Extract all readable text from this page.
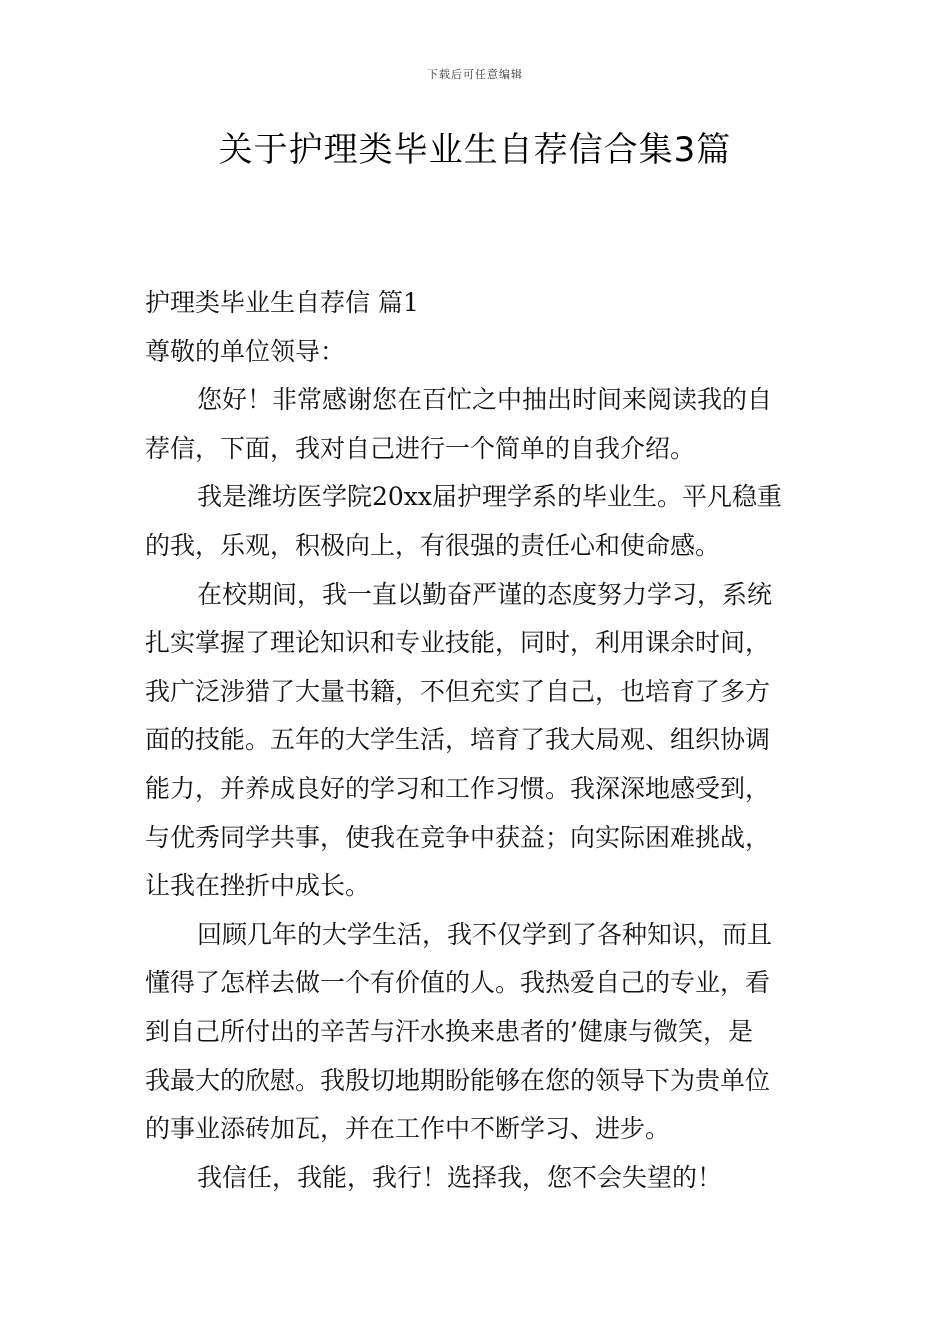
下载后可任意编辑
关于护理类毕业生自荐信合集3篇

护理类毕业生自荐信 篇1

尊敬的单位领导：

您好！非常感谢您在百忙之中抽出时间来阅读我的自

荐信，下面，我对自己进行一个简单的自我介绍。

我是潍坊医学院20xx届护理学系的毕业生。平凡稳重

的我，乐观，积极向上，有很强的责任心和使命感。

在校期间，我一直以勤奋严谨的态度努力学习，系统

扎实掌握了理论知识和专业技能，同时，利用课余时间，

我广泛涉猎了大量书籍，不但充实了自己，也培育了多方

面的技能。五年的大学生活，培育了我大局观、组织协调

能力，并养成良好的学习和工作习惯。我深深地感受到，

与优秀同学共事，使我在竞争中获益；向实际困难挑战，

让我在挫折中成长。

回顾几年的大学生活，我不仅学到了各种知识，而且

懂得了怎样去做一个有价值的人。我热爱自己的专业，看

到自己所付出的辛苦与汗水换来患者的’健康与微笑，是

我最大的欣慰。我殷切地期盼能够在您的领导下为贵单位

的事业添砖加瓦，并在工作中不断学习、进步。

我信任，我能，我行！选择我，您不会失望的！
